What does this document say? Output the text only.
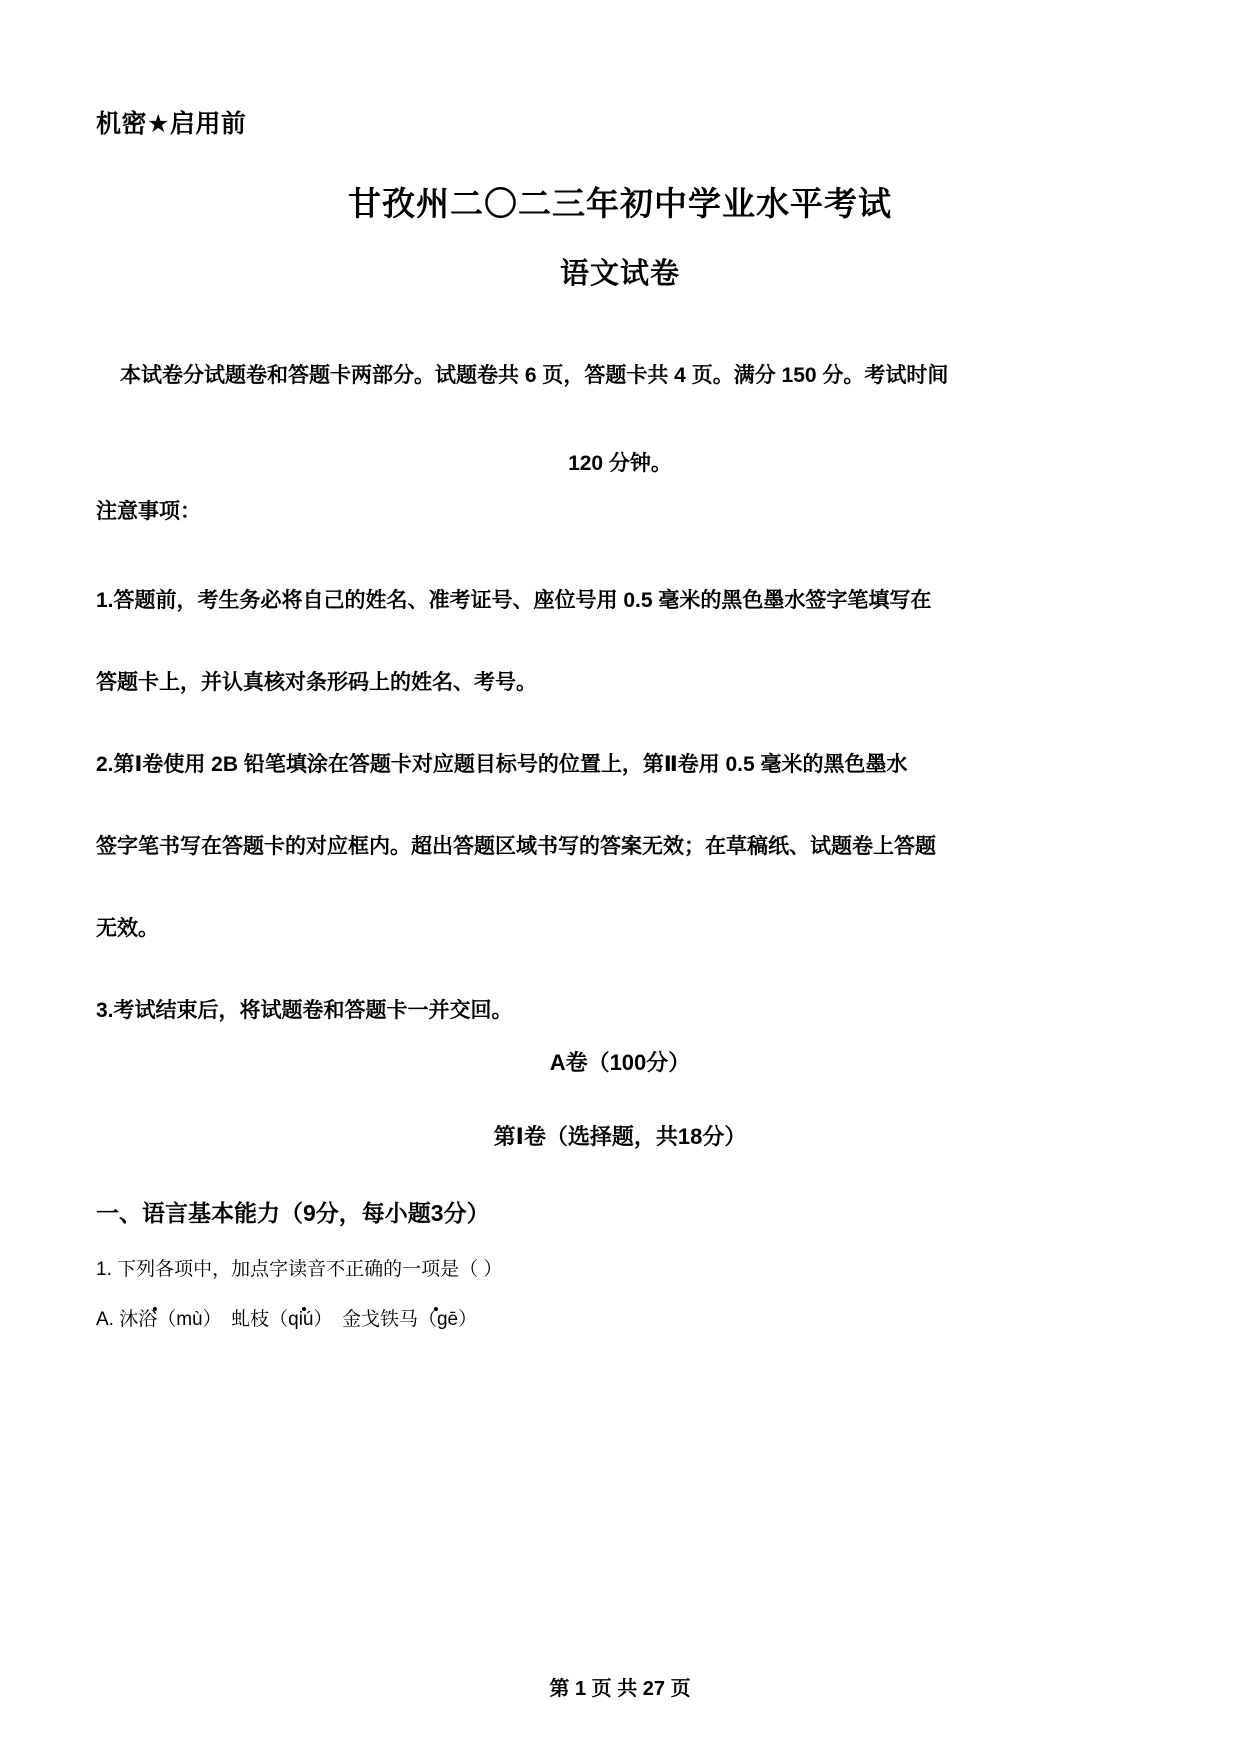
机密★启用前
甘孜州二〇二三年初中学业水平考试
语文试卷
本试卷分试题卷和答题卡两部分。试题卷共 6 页，答题卡共 4 页。满分 150 分。考试时间
120 分钟。
注意事项：

1.答题前，考生务必将自己的姓名、准考证号、座位号用 0.5 毫米的黑色墨水签字笔填写在

答题卡上，并认真核对条形码上的姓名、考号。

2.第Ⅰ卷使用 2B 铅笔填涂在答题卡对应题目标号的位置上，第Ⅱ卷用 0.5 毫米的黑色墨水

签字笔书写在答题卡的对应框内。超出答题区域书写的答案无效；在草稿纸、试题卷上答题

无效。

3.考试结束后，将试题卷和答题卡一并交回。

A卷（100分）
第Ⅰ卷（选择题，共18分）
一、语言基本能力（9分，每小题3分）
1. 下列各项中，加点字读音不正确的一项是（ ）

A. 沐浴（mù）　虬枝（qiú）　金戈铁马（gē）
第 1 页 共 27 页
